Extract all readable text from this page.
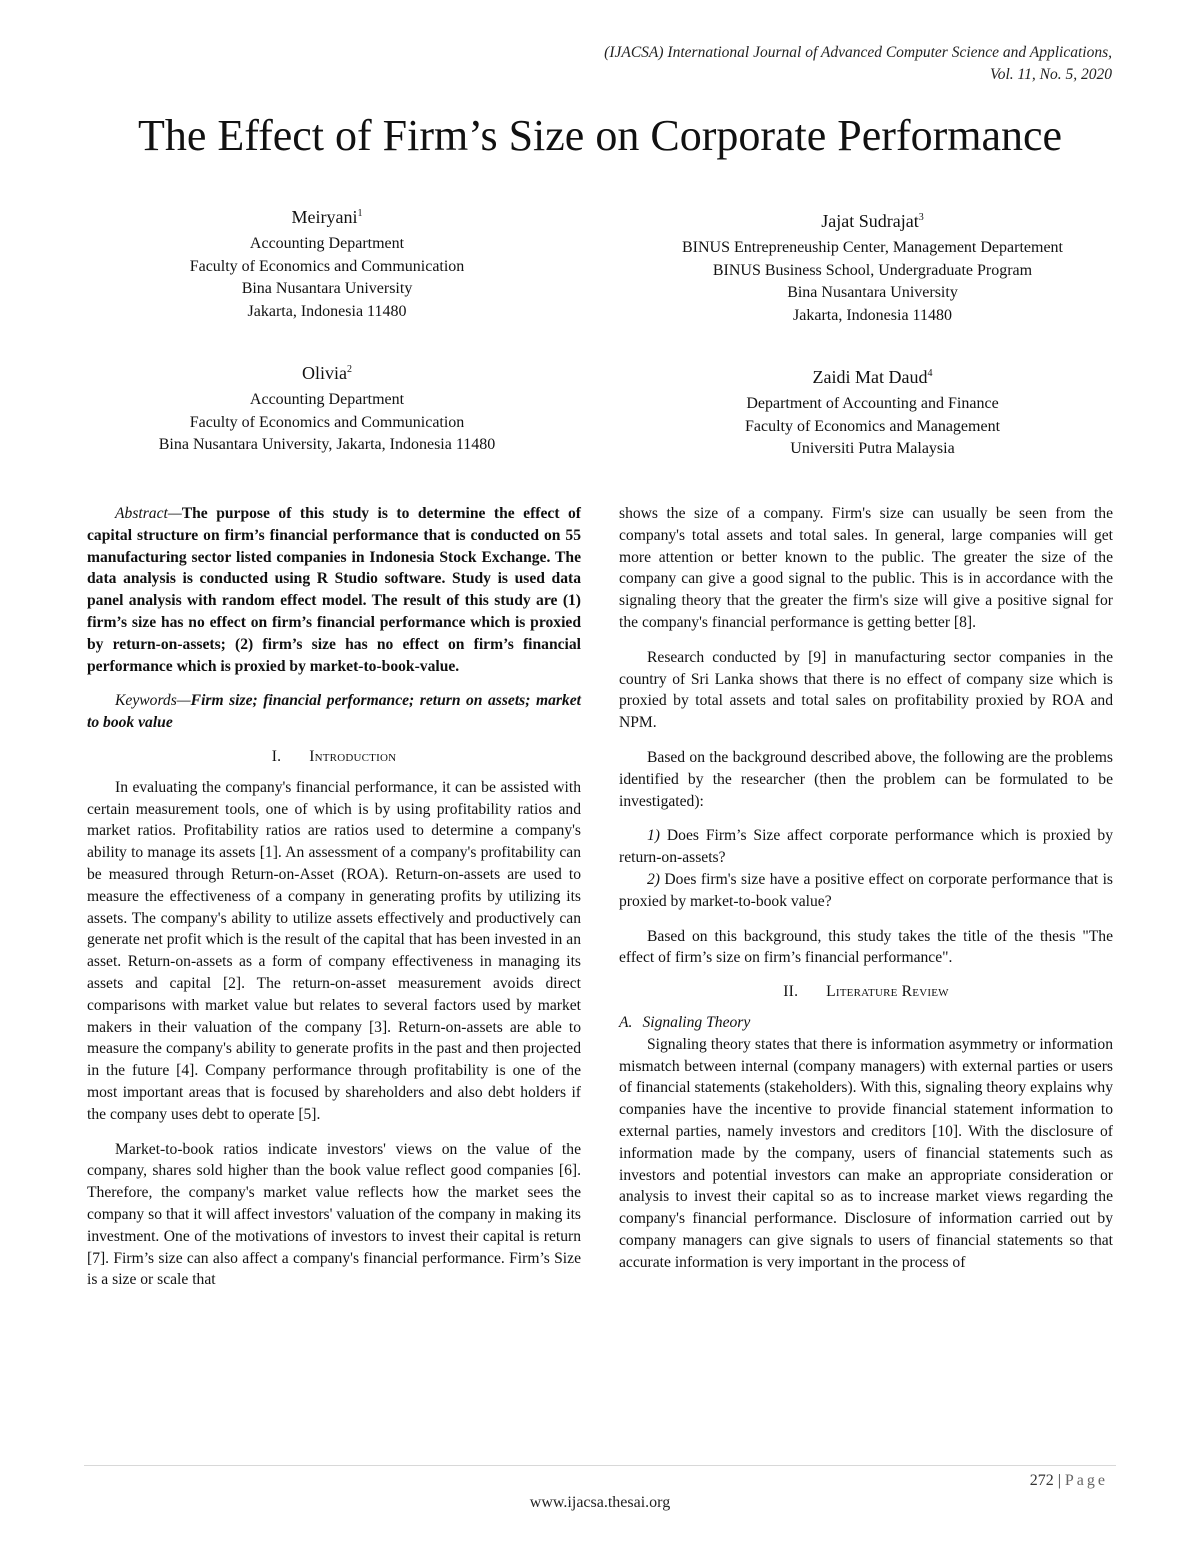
(IJACSA) International Journal of Advanced Computer Science and Applications,
Vol. 11, No. 5, 2020
The Effect of Firm’s Size on Corporate Performance
Meiryani$^1$
Accounting Department
Faculty of Economics and Communication
Bina Nusantara University
Jakarta, Indonesia 11480
Olivia$^2$
Accounting Department
Faculty of Economics and Communication
Bina Nusantara University, Jakarta, Indonesia 11480
Jajat Sudrajat$^3$
BINUS Entrepreneuship Center, Management Departement
BINUS Business School, Undergraduate Program
Bina Nusantara University
Jakarta, Indonesia 11480
Zaidi Mat Daud$^4$
Department of Accounting and Finance
Faculty of Economics and Management
Universiti Putra Malaysia

Abstract—The purpose of this study is to determine the effect of capital structure on firm’s financial performance that is conducted on 55 manufacturing sector listed companies in Indonesia Stock Exchange. The data analysis is conducted using R Studio software. Study is used data panel analysis with random effect model. The result of this study are (1) firm’s size has no effect on firm’s financial performance which is proxied by return-on-assets; (2) firm’s size has no effect on firm’s financial performance which is proxied by market-to-book-value.

Keywords—Firm size; financial performance; return on assets; market to book value

I. Introduction

In evaluating the company's financial performance, it can be assisted with certain measurement tools, one of which is by using profitability ratios and market ratios. Profitability ratios are ratios used to determine a company's ability to manage its assets [1]. An assessment of a company's profitability can be measured through Return-on-Asset (ROA). Return-on-assets are used to measure the effectiveness of a company in generating profits by utilizing its assets. The company's ability to utilize assets effectively and productively can generate net profit which is the result of the capital that has been invested in an asset. Return-on-assets as a form of company effectiveness in managing its assets and capital [2]. The return-on-asset measurement avoids direct comparisons with market value but relates to several factors used by market makers in their valuation of the company [3]. Return-on-assets are able to measure the company's ability to generate profits in the past and then projected in the future [4]. Company performance through profitability is one of the most important areas that is focused by shareholders and also debt holders if the company uses debt to operate [5].

Market-to-book ratios indicate investors' views on the value of the company, shares sold higher than the book value reflect good companies [6]. Therefore, the company's market value reflects how the market sees the company so that it will affect investors' valuation of the company in making its investment. One of the motivations of investors to invest their capital is return [7]. Firm’s size can also affect a company's financial performance. Firm’s Size is a size or scale that

shows the size of a company. Firm's size can usually be seen from the company's total assets and total sales. In general, large companies will get more attention or better known to the public. The greater the size of the company can give a good signal to the public. This is in accordance with the signaling theory that the greater the firm's size will give a positive signal for the company's financial performance is getting better [8].

Research conducted by [9] in manufacturing sector companies in the country of Sri Lanka shows that there is no effect of company size which is proxied by total assets and total sales on profitability proxied by ROA and NPM.

Based on the background described above, the following are the problems identified by the researcher (then the problem can be formulated to be investigated):

1) Does Firm’s Size affect corporate performance which is proxied by return-on-assets?

2) Does firm's size have a positive effect on corporate performance that is proxied by market-to-book value?

Based on this background, this study takes the title of the thesis "The effect of firm’s size on firm’s financial performance".

II. Literature Review

A. Signaling Theory

Signaling theory states that there is information asymmetry or information mismatch between internal (company managers) with external parties or users of financial statements (stakeholders). With this, signaling theory explains why companies have the incentive to provide financial statement information to external parties, namely investors and creditors [10]. With the disclosure of information made by the company, users of financial statements such as investors and potential investors can make an appropriate consideration or analysis to invest their capital so as to increase market views regarding the company's financial performance. Disclosure of information carried out by company managers can give signals to users of financial statements so that accurate information is very important in the process of

272 | Page
www.ijacsa.thesai.org
